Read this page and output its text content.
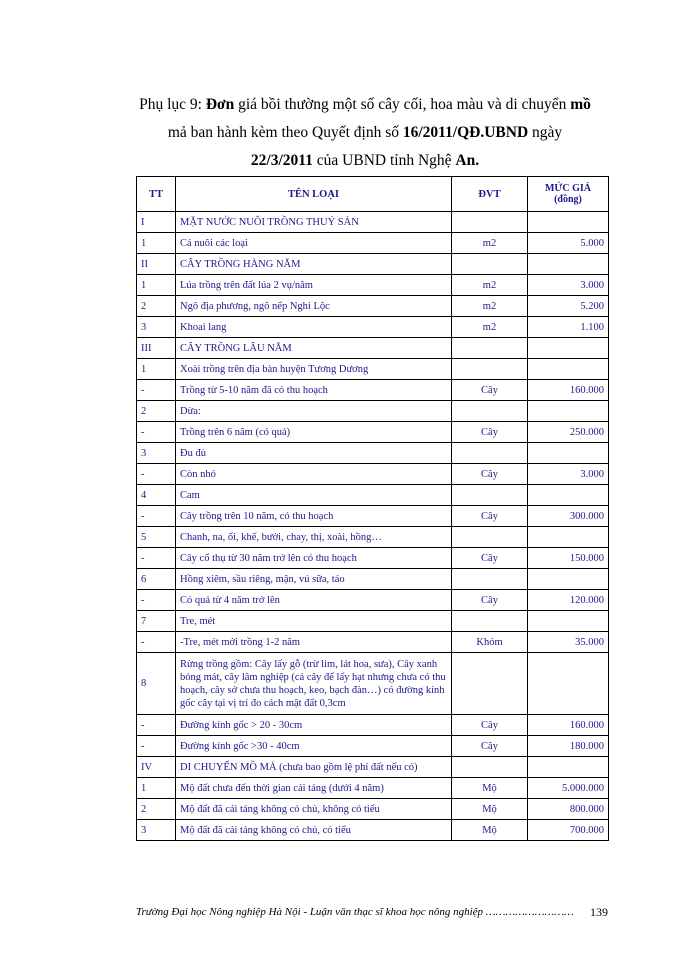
Phụ lục 9: Đơn giá bồi thường một số cây cối, hoa màu và di chuyển mồ
mả ban hành kèm theo Quyết định số 16/2011/QĐ.UBND ngày
22/3/2011 của UBND tỉnh Nghệ An.
TT	TÊN LOẠI	ĐVT	MỨC GIÁ (đồng)
I	MẶT NƯỚC NUÔI TRỒNG THUỶ SẢN		
1	Cá nuôi các loại	m2	5.000
II	CÂY TRỒNG HÀNG NĂM		
1	Lúa trồng trên đất lúa 2 vụ/năm	m2	3.000
2	Ngô địa phương, ngô nếp Nghi Lộc	m2	5.200
3	Khoai lang	m2	1.100
III	CÂY TRỒNG LÂU NĂM		
1	Xoài trồng trên địa bàn huyện Tương Dương		
-	Trồng từ 5-10 năm đã có thu hoạch	Cây	160.000
2	Dừa:		
-	Trồng trên 6 năm (có quả)	Cây	250.000
3	Đu đủ		
-	Còn nhỏ	Cây	3.000
4	Cam		
-	Cây trồng trên 10 năm, có thu hoạch	Cây	300.000
5	Chanh, na, ổi, khế, bưởi, chay, thị, xoài, hồng…		
-	Cây cổ thụ từ 30 năm trở lên có thu hoạch	Cây	150.000
6	Hồng xiêm, sầu riêng, mận, vú sữa, táo		
-	Có quả từ 4 năm trở lên	Cây	120.000
7	Tre, mét		
-	-Tre, mét mới trồng 1-2 năm	Khóm	35.000
8	Rừng trồng gồm: Cây lấy gỗ (trừ lim, lát hoa, sưa), Cây xanh bóng mát, cây lâm nghiệp (cả cây để lấy hạt nhưng chưa có thu hoạch, cây sở chưa thu hoạch, keo, bạch đàn…) có đường kính gốc cây tại vị trí đo cách mặt đất 0,3cm		
-	Đường kính gốc > 20 - 30cm	Cây	160.000
-	Đường kính gốc >30 - 40cm	Cây	180.000
IV	DI CHUYỂN MỒ MẢ (chưa bao gồm lệ phí đất nếu có)		
1	Mộ đất chưa đến thời gian cải táng (dưới 4 năm)	Mộ	5.000.000
2	Mộ đất đã cải táng không có chủ, không có tiểu	Mộ	800.000
3	Mộ đất đã cải táng không có chủ, có tiểu	Mộ	700.000
Trường Đại học Nông nghiệp Hà Nội - Luận văn thạc sĩ khoa học nông nghiệp ……………………… 139
